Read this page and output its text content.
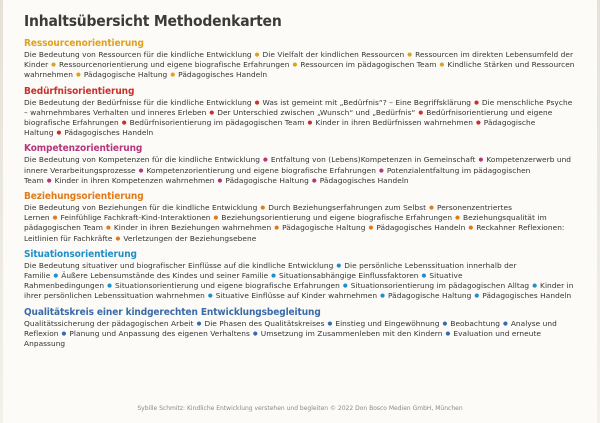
Inhaltsübersicht Methodenkarten
Ressourcenorientierung
Die Bedeutung von Ressourcen für die kindliche Entwicklung ● Die Vielfalt der kindlichen Ressourcen ● Ressourcen im direkten Lebensumfeld der Kinder ● Ressourcenorientierung und eigene biografische Erfahrungen ● Ressourcen im pädagogischen Team ● Kindliche Stärken und Ressourcen wahrnehmen ● Pädagogische Haltung ● Pädagogisches Handeln
Bedürfnisorientierung
Die Bedeutung der Bedürfnisse für die kindliche Entwicklung ● Was ist gemeint mit „Bedürfnis“? – Eine Begriffsklärung ● Die menschliche Psyche – wahrnehmbares Verhalten und inneres Erleben ● Der Unterschied zwischen „Wunsch“ und „Bedürfnis“ ● Bedürfnisorientierung und eigene biografische Erfahrungen ● Bedürfnisorientierung im pädagogischen Team ● Kinder in ihren Bedürfnissen wahrnehmen ● Pädagogische Haltung ● Pädagogisches Handeln
Kompetenzorientierung
Die Bedeutung von Kompetenzen für die kindliche Entwicklung ● Entfaltung von (Lebens)Kompetenzen in Gemeinschaft ● Kompetenzerwerb und innere Verarbeitungsprozesse ● Kompetenzorientierung und eigene biografische Erfahrungen ● Potenzialentfaltung im pädagogischen Team ● Kinder in ihren Kompetenzen wahrnehmen ● Pädagogische Haltung ● Pädagogisches Handeln
Beziehungsorientierung
Die Bedeutung von Beziehungen für die kindliche Entwicklung ● Durch Beziehungserfahrungen zum Selbst ● Personenzentriertes Lernen ● Feinfühlige Fachkraft-Kind-Interaktionen ● Beziehungsorientierung und eigene biografische Erfahrungen ● Beziehungsqualität im pädagogischen Team ● Kinder in ihren Beziehungen wahrnehmen ● Pädagogische Haltung ● Pädagogisches Handeln ● Reckahner Reflexionen: Leitlinien für Fachkräfte ● Verletzungen der Beziehungsebene
Situationsorientierung
Die Bedeutung situativer und biografischer Einflüsse auf die kindliche Entwicklung ● Die persönliche Lebenssituation innerhalb der Familie ● Äußere Lebensumstände des Kindes und seiner Familie ● Situationsabhängige Einflussfaktoren ● Situative Rahmenbedingungen ● Situationsorientierung und eigene biografische Erfahrungen ● Situationsorientierung im pädagogischen Alltag ● Kinder in ihrer persönlichen Lebenssituation wahrnehmen ● Situative Einflüsse auf Kinder wahrnehmen ● Pädagogische Haltung ● Pädagogisches Handeln
Qualitätskreis einer kindgerechten Entwicklungsbegleitung
Qualitätssicherung der pädagogischen Arbeit ● Die Phasen des Qualitätskreises ● Einstieg und Eingewöhnung ● Beobachtung ● Analyse und Reflexion ● Planung und Anpassung des eigenen Verhaltens ● Umsetzung im Zusammenleben mit den Kindern ● Evaluation und erneute Anpassung
Sybille Schmitz: Kindliche Entwicklung verstehen und begleiten © 2022 Don Bosco Medien GmbH, München
